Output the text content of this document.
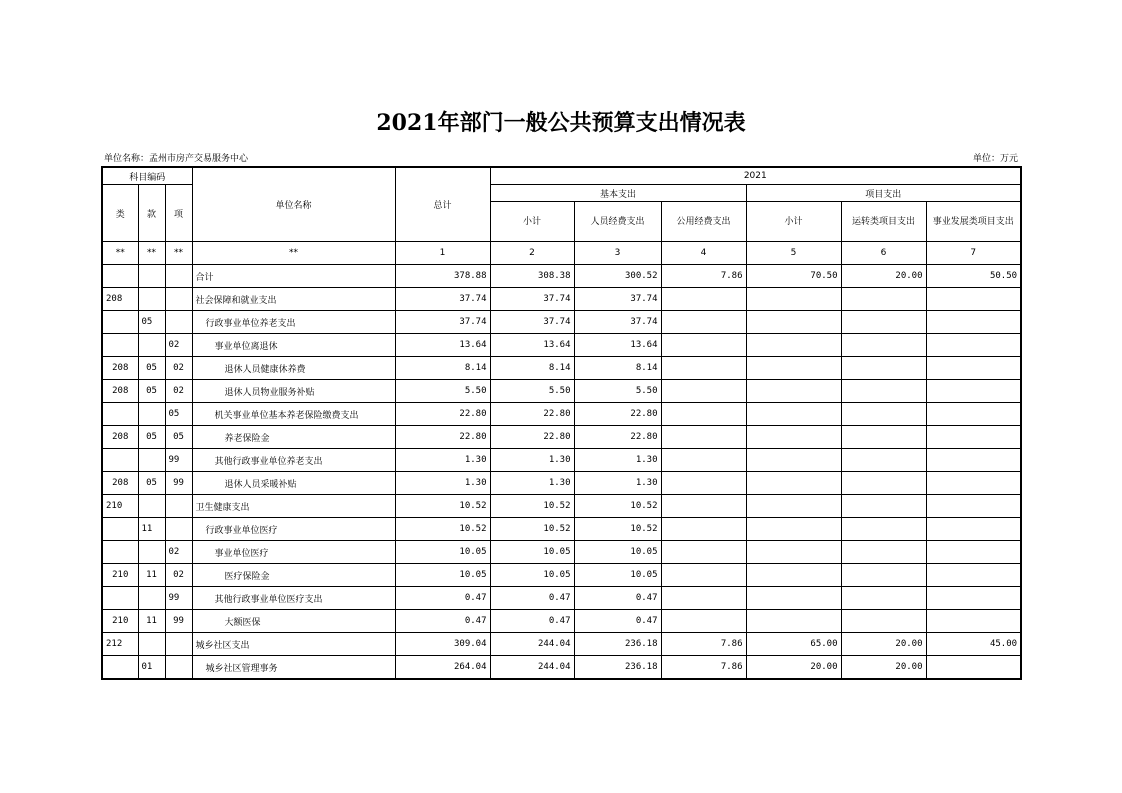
2021年部门一般公共预算支出情况表
单位名称：孟州市房产交易服务中心	单位：万元
科目编码			单位名称	总计	2021					
类	款	项			基本支出			项目支出		
					小计	人员经费支出	公用经费支出	小计	运转类项目支出	事业发展类项目支出
**	**	**	**	1	2	3	4	5	6	7
			合计	378.88	308.38	300.52	7.86	70.50	20.00	50.50
208			社会保障和就业支出	37.74	37.74	37.74				
	05		行政事业单位养老支出	37.74	37.74	37.74				
		02	事业单位离退休	13.64	13.64	13.64				
208	05	02	退休人员健康休养费	8.14	8.14	8.14				
208	05	02	退休人员物业服务补贴	5.50	5.50	5.50				
		05	机关事业单位基本养老保险缴费支出	22.80	22.80	22.80				
208	05	05	养老保险金	22.80	22.80	22.80				
		99	其他行政事业单位养老支出	1.30	1.30	1.30				
208	05	99	退休人员采暖补贴	1.30	1.30	1.30				
210			卫生健康支出	10.52	10.52	10.52				
	11		行政事业单位医疗	10.52	10.52	10.52				
		02	事业单位医疗	10.05	10.05	10.05				
210	11	02	医疗保险金	10.05	10.05	10.05				
		99	其他行政事业单位医疗支出	0.47	0.47	0.47				
210	11	99	大额医保	0.47	0.47	0.47				
212			城乡社区支出	309.04	244.04	236.18	7.86	65.00	20.00	45.00
	01		城乡社区管理事务	264.04	244.04	236.18	7.86	20.00	20.00	
